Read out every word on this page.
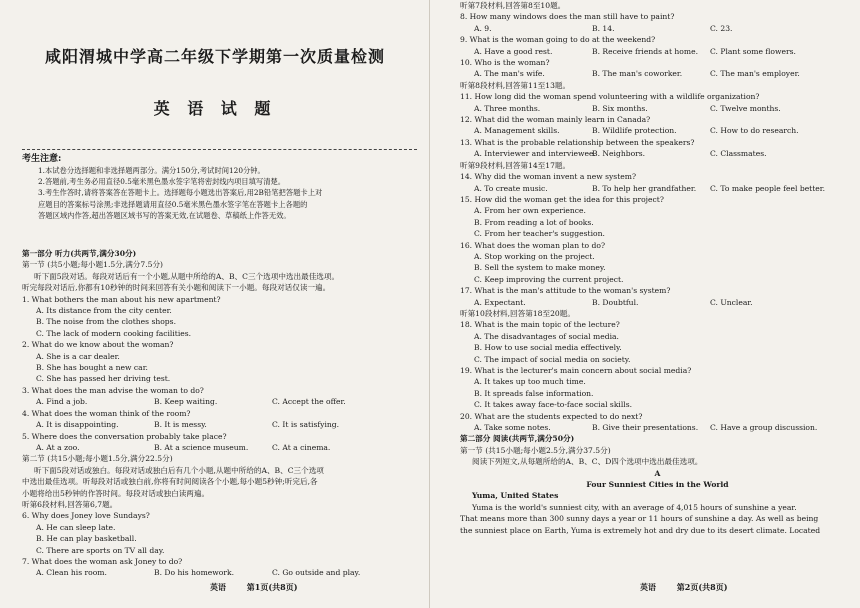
咸阳渭城中学高二年级下学期第一次质量检测
英 语 试 题
考生注意:
1.本试卷分选择题和非选择题两部分。满分150分,考试时间120分钟。
2.答题前,考生务必用直径0.5毫米黑色墨水签字笔将密封线内项目填写清楚。
3.考生作答时,请将答案答在答题卡上。选择题每小题选出答案后,用2B铅笔把答题卡上对
应题目的答案标号涂黑;非选择题请用直径0.5毫米黑色墨水签字笔在答题卡上各题的
答题区域内作答,超出答题区域书写的答案无效,在试题卷、草稿纸上作答无效。
第一部分 听力(共两节,满分30分)
第一节 (共5小题;每小题1.5分,满分7.5分)
听下面5段对话。每段对话后有一个小题,从题中所给的A、B、C三个选项中选出最佳选项。
听完每段对话后,你都有10秒钟的时间来回答有关小题和阅读下一小题。每段对话仅读一遍。
1. What bothers the man about his new apartment?
A. Its distance from the city center.
B. The noise from the clothes shops.
C. The lack of modern cooking facilities.
2. What do we know about the woman?
A. She is a car dealer.
B. She has bought a new car.
C. She has passed her driving test.
3. What does the man advise the woman to do?
A. Find a job.	B. Keep waiting.	C. Accept the offer.
4. What does the woman think of the room?
A. It is disappointing.	B. It is messy.	C. It is satisfying.
5. Where does the conversation probably take place?
A. At a zoo.	B. At a science museum.	C. At a cinema.
第二节 (共15小题;每小题1.5分,满分22.5分)
听下面5段对话或独白。每段对话或独白后有几个小题,从题中所给的A、B、C三个选项
中选出最佳选项。听每段对话或独白前,你将有时间阅读各个小题,每小题5秒钟;听完后,各
小题将给出5秒钟的作答时间。每段对话或独白读两遍。
听第6段材料,回答第6,7题。
6. Why does Joney love Sundays?
A. He can sleep late.
B. He can play basketball.
C. There are sports on TV all day.
7. What does the woman ask Joney to do?
A. Clean his room.	B. Do his homework.	C. Go outside and play.
英语	第1页(共8页)
听第7段材料,回答第8至10题。
8. How many windows does the man still have to paint?
A. 9.	B. 14.	C. 23.
9. What is the woman going to do at the weekend?
A. Have a good rest.	B. Receive friends at home.	C. Plant some flowers.
10. Who is the woman?
A. The man's wife.	B. The man's coworker.	C. The man's employer.
听第8段材料,回答第11至13题。
11. How long did the woman spend volunteering with a wildlife organization?
A. Three months.	B. Six months.	C. Twelve months.
12. What did the woman mainly learn in Canada?
A. Management skills.	B. Wildlife protection.	C. How to do research.
13. What is the probable relationship between the speakers?
A. Interviewer and interviewee.
B. Neighbors.	C. Classmates.
听第9段材料,回答第14至17题。
14. Why did the woman invent a new system?
A. To create music.	B. To help her grandfather.	C. To make people feel better.
15. How did the woman get the idea for this project?
A. From her own experience.
B. From reading a lot of books.
C. From her teacher's suggestion.
16. What does the woman plan to do?
A. Stop working on the project.
B. Sell the system to make money.
C. Keep improving the current project.
17. What is the man's attitude to the woman's system?
A. Expectant.	B. Doubtful.	C. Unclear.
听第10段材料,回答第18至20题。
18. What is the main topic of the lecture?
A. The disadvantages of social media.
B. How to use social media effectively.
C. The impact of social media on society.
19. What is the lecturer's main concern about social media?
A. It takes up too much time.
B. It spreads false information.
C. It takes away face-to-face social skills.
20. What are the students expected to do next?
A. Take some notes.	B. Give their presentations.	C. Have a group discussion.
第二部分 阅读(共两节,满分50分)
第一节 (共15小题;每小题2.5分,满分37.5分)
阅读下列短文,从每题所给的A、B、C、D四个选项中选出最佳选项。
A
Four Sunniest Cities in the World
Yuma, United States
Yuma is the world's sunniest city, with an average of 4,015 hours of sunshine a year.
That means more than 300 sunny days a year or 11 hours of sunshine a day. As well as being
the sunniest place on Earth, Yuma is extremely hot and dry due to its desert climate. Located
英语	第2页(共8页)
